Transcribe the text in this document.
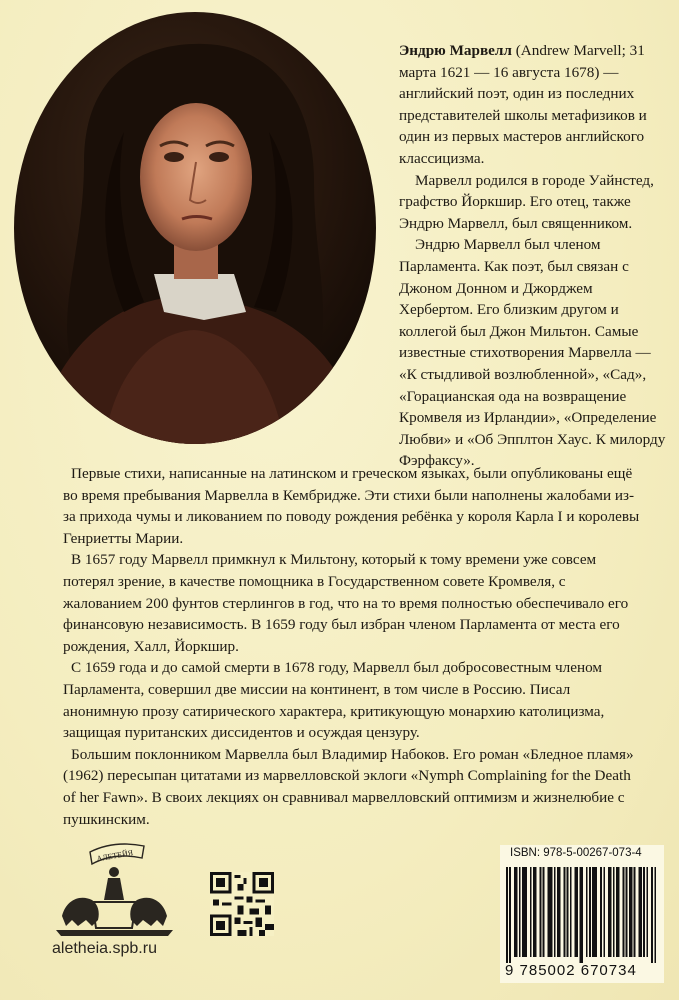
Эндрю Марвелл (Andrew Marvell; 31 марта 1621 — 16 августа 1678) — английский поэт, один из последних представителей школы метафизиков и один из первых мастеров английского классицизма.

Марвелл родился в городе Уайнстед, графство Йоркшир. Его отец, также Эндрю Марвелл, был священником.

Эндрю Марвелл был членом Парламента. Как поэт, был связан с Джоном Донном и Джорджем Хербертом. Его близким другом и коллегой был Джон Мильтон. Самые известные стихотворения Марвелла — «К стыдливой возлюбленной», «Сад», «Горацианская ода на возвращение Кромвеля из Ирландии», «Определение Любви» и «Об Эпплтон Хаус. К милорду Фэрфаксу».

Первые стихи, написанные на латинском и греческом языках, были опубликованы ещё во время пребывания Марвелла в Кембридже. Эти стихи были наполнены жалобами из-за прихода чумы и ликованием по поводу рождения ребёнка у короля Карла I и королевы Генриетты Марии.

В 1657 году Марвелл примкнул к Мильтону, который к тому времени уже совсем потерял зрение, в качестве помощника в Государственном совете Кромвеля, с жалованием 200 фунтов стерлингов в год, что на то время полностью обеспечивало его финансовую независимость. В 1659 году был избран членом Парламента от места его рождения, Халл, Йоркшир.

С 1659 года и до самой смерти в 1678 году, Марвелл был добросовестным членом Парламента, совершил две миссии на континент, в том числе в Россию. Писал анонимную прозу сатирического характера, критикующую монархию католицизма, защищая пуританских диссидентов и осуждая цензуру.

Большим поклонником Марвелла был Владимир Набоков. Его роман «Бледное пламя» (1962) пересыпан цитатами из марвелловской эклоги «Nymph Complaining for the Death of her Fawn». В своих лекциях он сравнивал марвелловский оптимизм и жизнелюбие с пушкинским.

АЛЕТЕЙЯ
aletheia.spb.ru
ISBN: 978-5-00267-073-4
9 785002 670734
